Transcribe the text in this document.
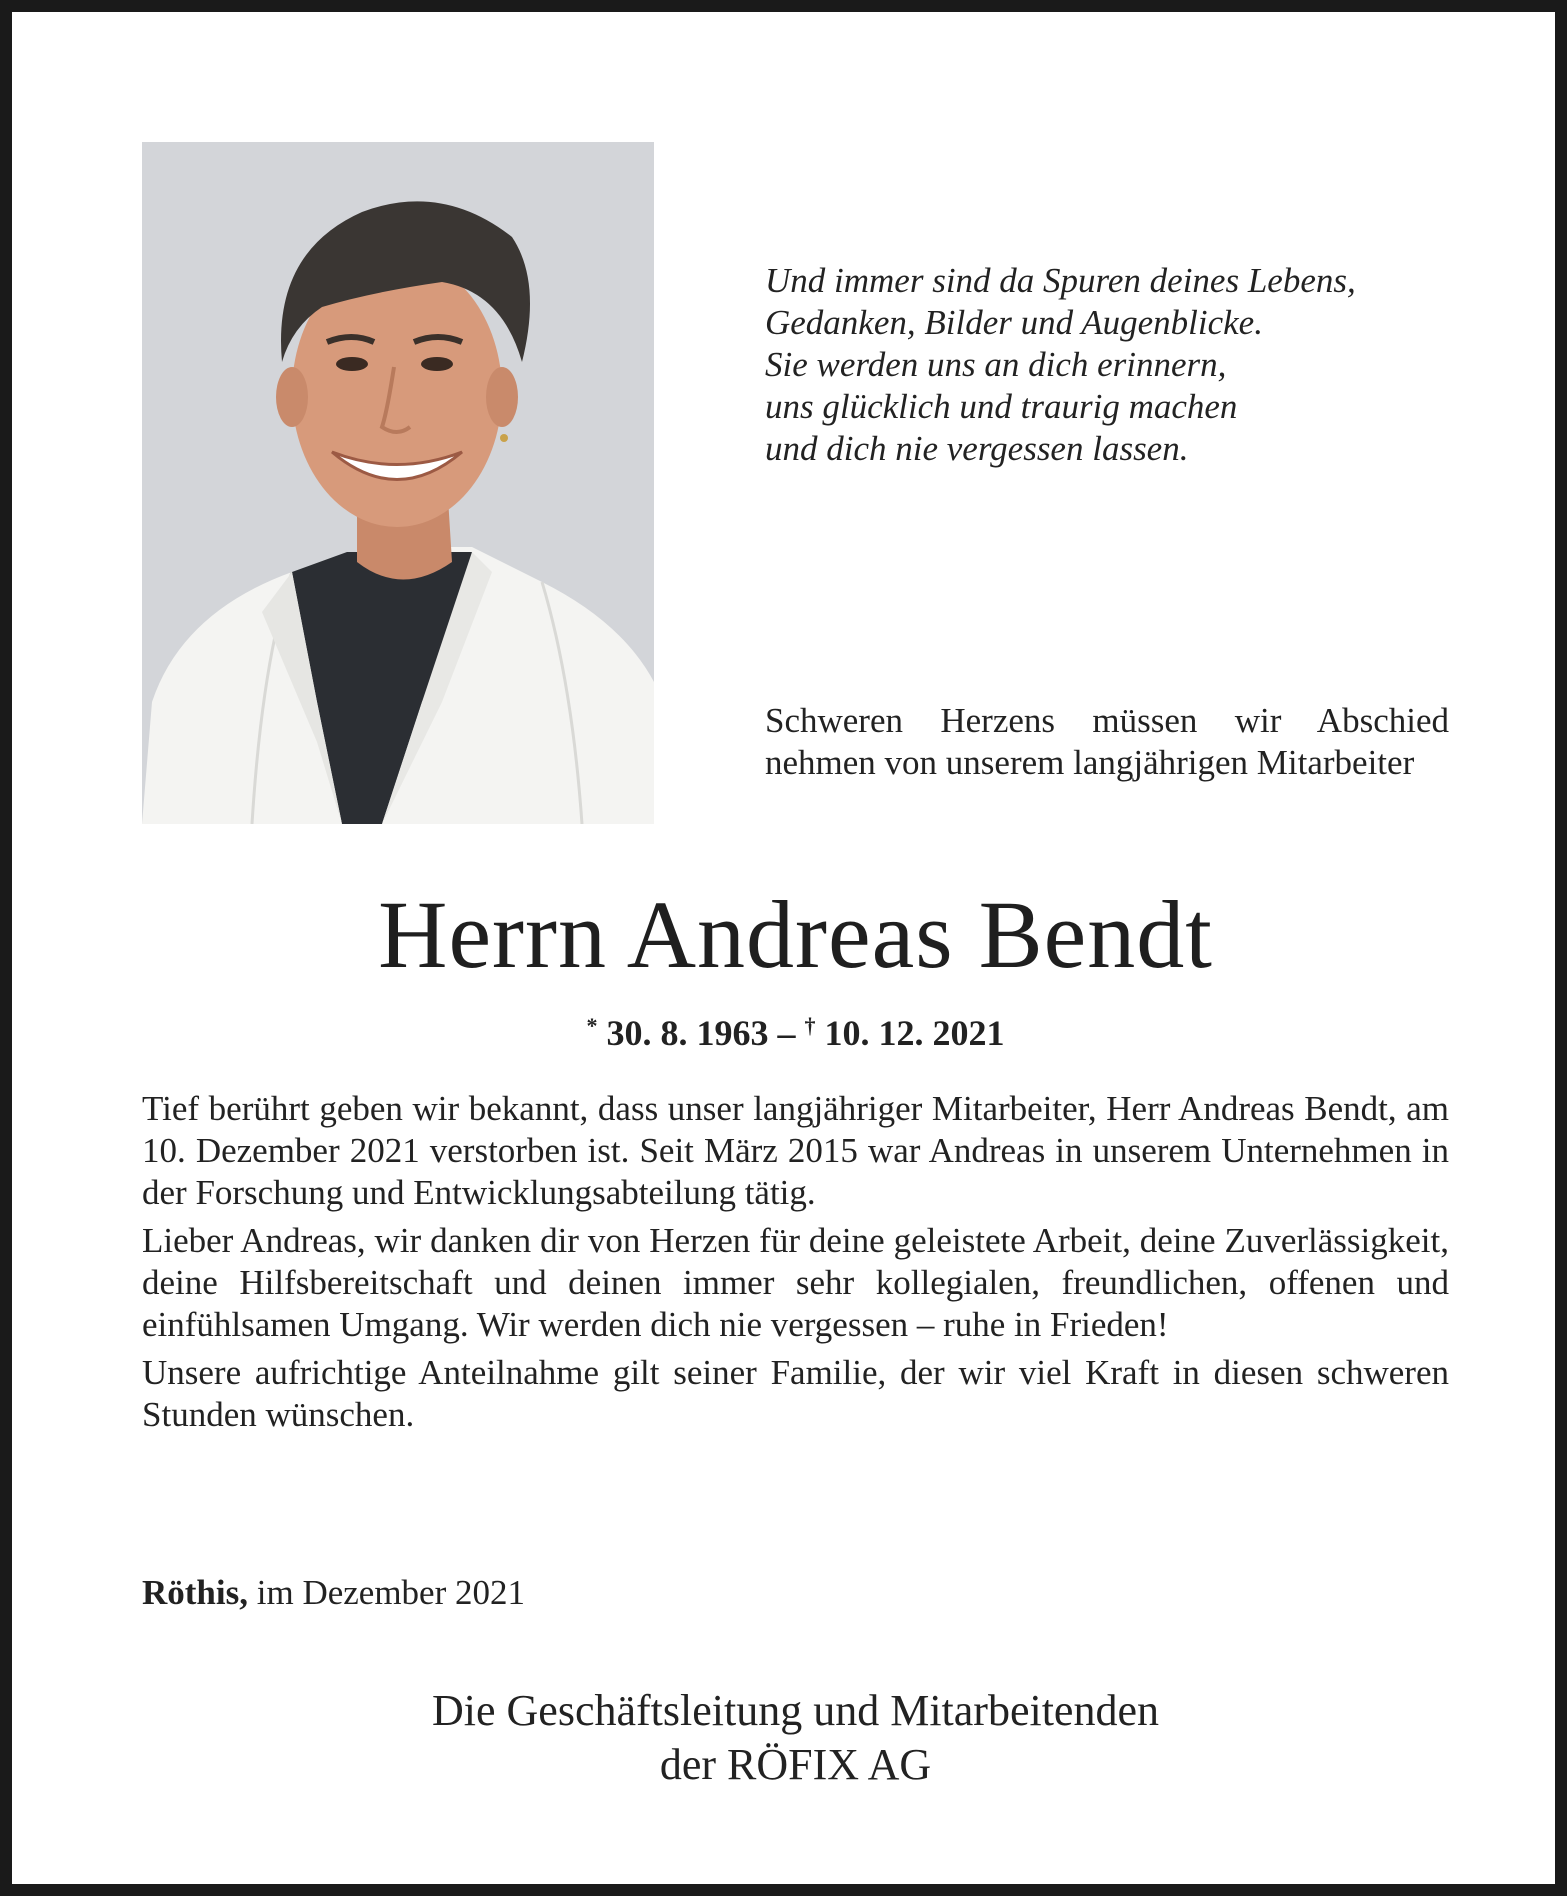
Und immer sind da Spuren deines Lebens,
Gedanken, Bilder und Augenblicke.
Sie werden uns an dich erinnern,
uns glücklich und traurig machen
und dich nie vergessen lassen.
Schweren Herzens müssen wir Abschied nehmen von unserem langjährigen Mitarbeiter
Herrn Andreas Bendt
* 30. 8. 1963 – † 10. 12. 2021

Tief berührt geben wir bekannt, dass unser langjähriger Mitarbeiter, Herr Andreas Bendt, am 10. Dezember 2021 verstorben ist. Seit März 2015 war Andreas in unserem Unternehmen in der Forschung und Entwicklungsabteilung tätig.

Lieber Andreas, wir danken dir von Herzen für deine geleistete Arbeit, deine Zuverlässigkeit, deine Hilfsbereitschaft und deinen immer sehr kollegialen, freundlichen, offenen und einfühlsamen Umgang. Wir werden dich nie vergessen – ruhe in Frieden!

Unsere aufrichtige Anteilnahme gilt seiner Familie, der wir viel Kraft in diesen schweren Stunden wünschen.

Röthis, im Dezember 2021
Die Geschäftsleitung und Mitarbeitenden
der RÖFIX AG
